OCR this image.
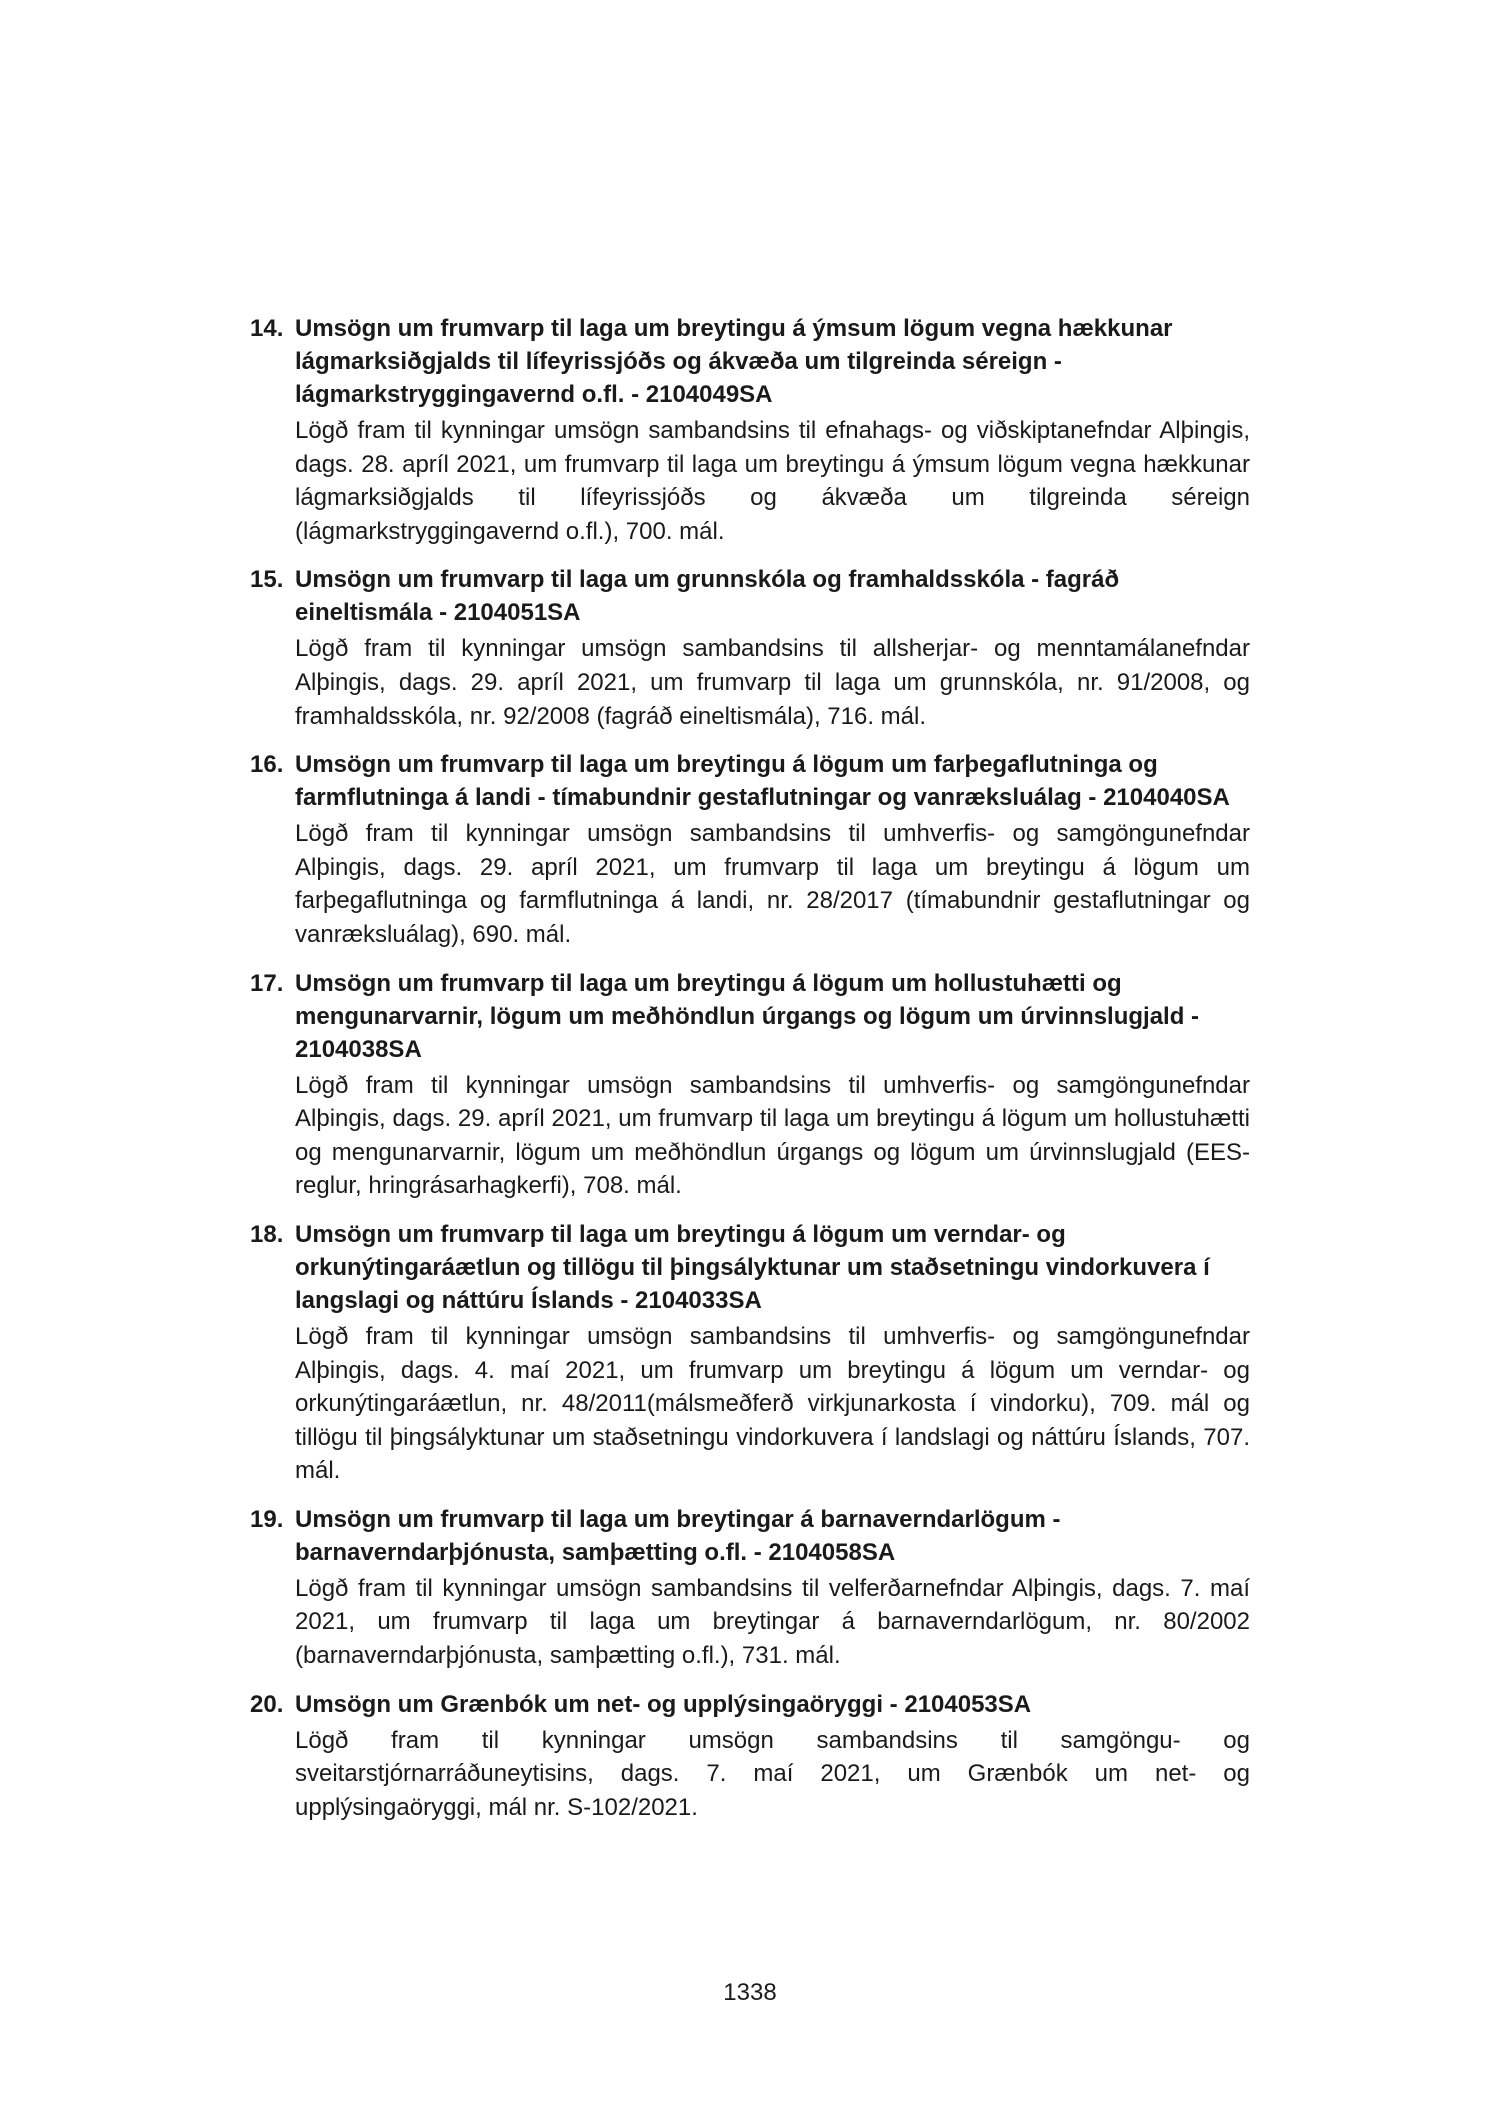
14. Umsögn um frumvarp til laga um breytingu á ýmsum lögum vegna hækkunar lágmarksiðgjalds til lífeyrissjóðs og ákvæða um tilgreinda séreign - lágmarkstryggingavernd o.fl. - 2104049SA
Lögð fram til kynningar umsögn sambandsins til efnahags- og viðskiptanefndar Alþingis, dags. 28. apríl 2021, um frumvarp til laga um breytingu á ýmsum lögum vegna hækkunar lágmarksiðgjalds til lífeyrissjóðs og ákvæða um tilgreinda séreign (lágmarkstryggingavernd o.fl.), 700. mál.
15. Umsögn um frumvarp til laga um grunnskóla og framhaldsskóla - fagráð eineltismála - 2104051SA
Lögð fram til kynningar umsögn sambandsins til allsherjar- og menntamálanefndar Alþingis, dags. 29. apríl 2021, um frumvarp til laga um grunnskóla, nr. 91/2008, og framhaldsskóla, nr. 92/2008 (fagráð eineltismála), 716. mál.
16. Umsögn um frumvarp til laga um breytingu á lögum um farþegaflutninga og farmflutninga á landi - tímabundnir gestaflutningar og vanræksluálag - 2104040SA
Lögð fram til kynningar umsögn sambandsins til umhverfis- og samgöngunefndar Alþingis, dags. 29. apríl 2021, um frumvarp til laga um breytingu á lögum um farþegaflutninga og farmflutninga á landi, nr. 28/2017 (tímabundnir gestaflutningar og vanræksluálag), 690. mál.
17. Umsögn um frumvarp til laga um breytingu á lögum um hollustuhætti og mengunarvarnir, lögum um meðhöndlun úrgangs og lögum um úrvinnslugjald - 2104038SA
Lögð fram til kynningar umsögn sambandsins til umhverfis- og samgöngunefndar Alþingis, dags. 29. apríl 2021, um frumvarp til laga um breytingu á lögum um hollustuhætti og mengunarvarnir, lögum um meðhöndlun úrgangs og lögum um úrvinnslugjald (EES-reglur, hringrásarhagkerfi), 708. mál.
18. Umsögn um frumvarp til laga um breytingu á lögum um verndar- og orkunýtingaráætlun og tillögu til þingsályktunar um staðsetningu vindorkuvera í langslagi og náttúru Íslands - 2104033SA
Lögð fram til kynningar umsögn sambandsins til umhverfis- og samgöngunefndar Alþingis, dags. 4. maí 2021, um frumvarp um breytingu á lögum um verndar- og orkunýtingaráætlun, nr. 48/2011(málsmeðferð virkjunarkosta í vindorku), 709. mál og tillögu til þingsályktunar um staðsetningu vindorkuvera í landslagi og náttúru Íslands, 707. mál.
19. Umsögn um frumvarp til laga um breytingar á barnaverndarlögum - barnaverndarþjónusta, samþætting o.fl. - 2104058SA
Lögð fram til kynningar umsögn sambandsins til velferðarnefndar Alþingis, dags. 7. maí 2021, um frumvarp til laga um breytingar á barnaverndarlögum, nr. 80/2002 (barnaverndarþjónusta, samþætting o.fl.), 731. mál.
20. Umsögn um Grænbók um net- og upplýsingaöryggi - 2104053SA
Lögð fram til kynningar umsögn sambandsins til samgöngu- og sveitarstjórnarráðuneytisins, dags. 7. maí 2021, um Grænbók um net- og upplýsingaöryggi, mál nr. S-102/2021.
1338
